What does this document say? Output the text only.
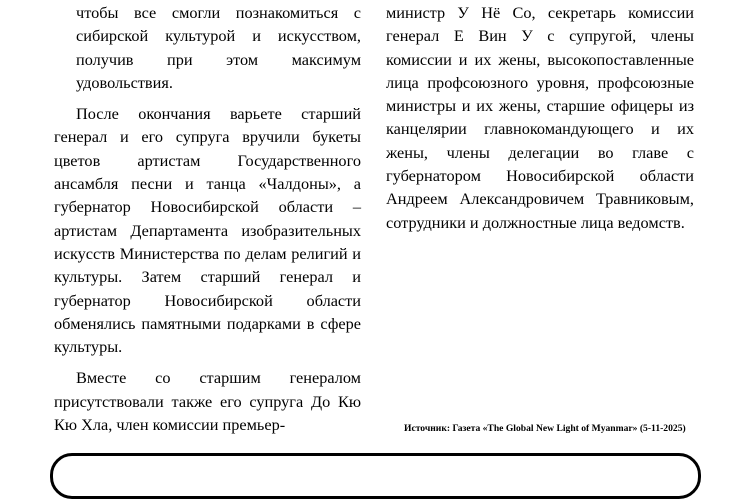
чтобы все смогли познакомиться с сибирской культурой и искусством, получив при этом максимум удовольствия.

После окончания варьете старший генерал и его супруга вручили букеты цветов артистам Государственного ансамбля песни и танца «Чалдоны», а губернатор Новосибирской области – артистам Департамента изобразительных искусств Министерства по делам религий и культуры. Затем старший генерал и губернатор Новосибирской области обменялись памятными подарками в сфере культуры.

Вместе со старшим генералом присутствовали также его супруга До Кю Кю Хла, член комиссии премьер-

министр У Нё Со, секретарь комиссии генерал Е Вин У с супругой, члены комиссии и их жены, высокопоставленные лица профсоюзного уровня, профсоюзные министры и их жены, старшие офицеры из канцелярии главнокомандующего и их жены, члены делегации во главе с губернатором Новосибирской области Андреем Александровичем Травниковым, сотрудники и должностные лица ведомств.

Источник: Газета «The Global New Light of Myanmar» (5-11-2025)
